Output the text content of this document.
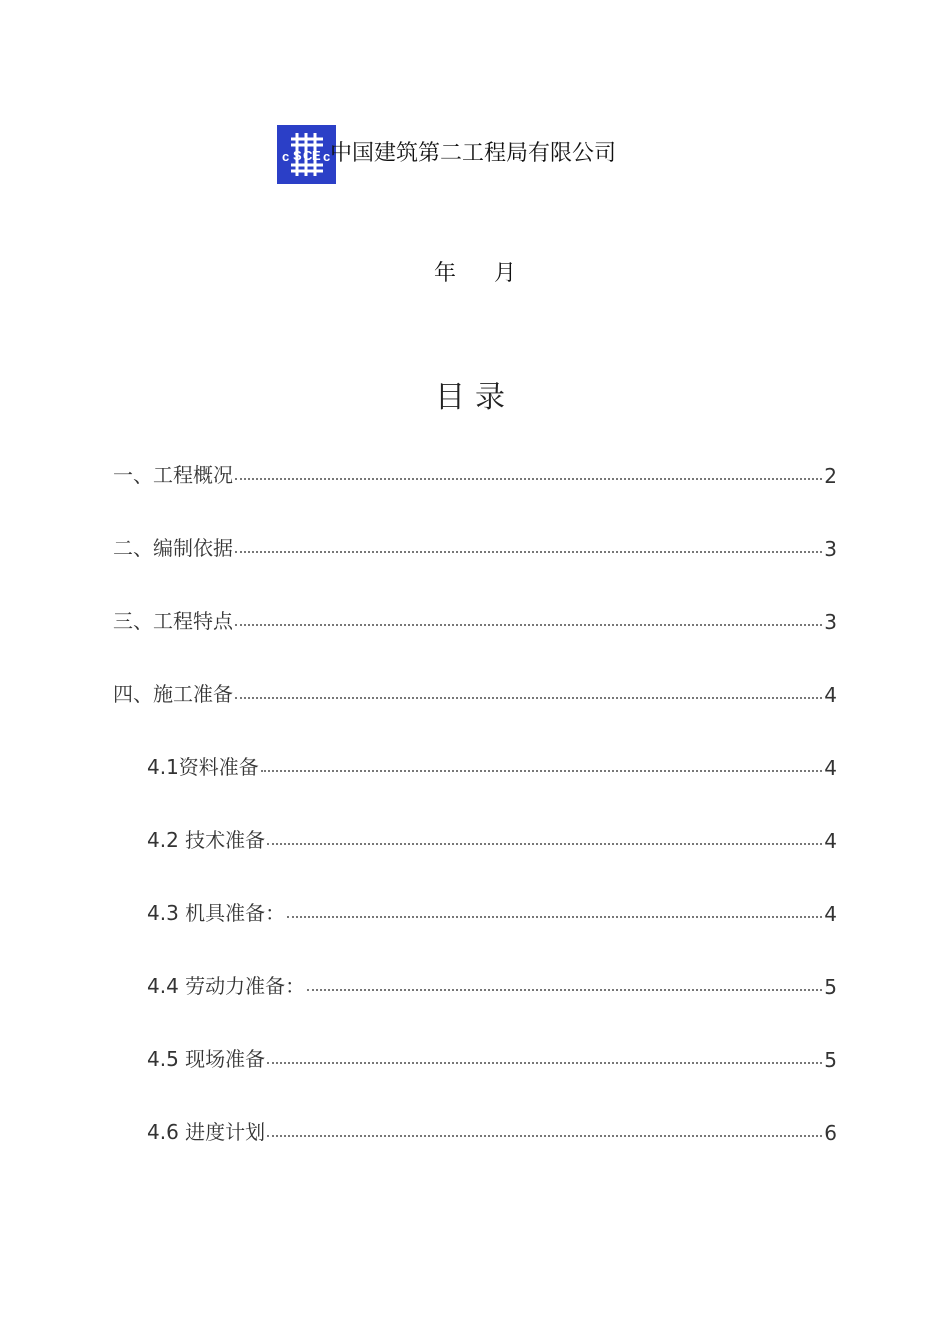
c S C E c 中国建筑第二工程局有限公司
年 月
目录
一、工程概况	2
二、编制依据	3
三、工程特点	3
四、施工准备	4
4.1资料准备	4
4.2 技术准备	4
4.3 机具准备：	4
4.4 劳动力准备：	5
4.5 现场准备	5
4.6 进度计划	6
